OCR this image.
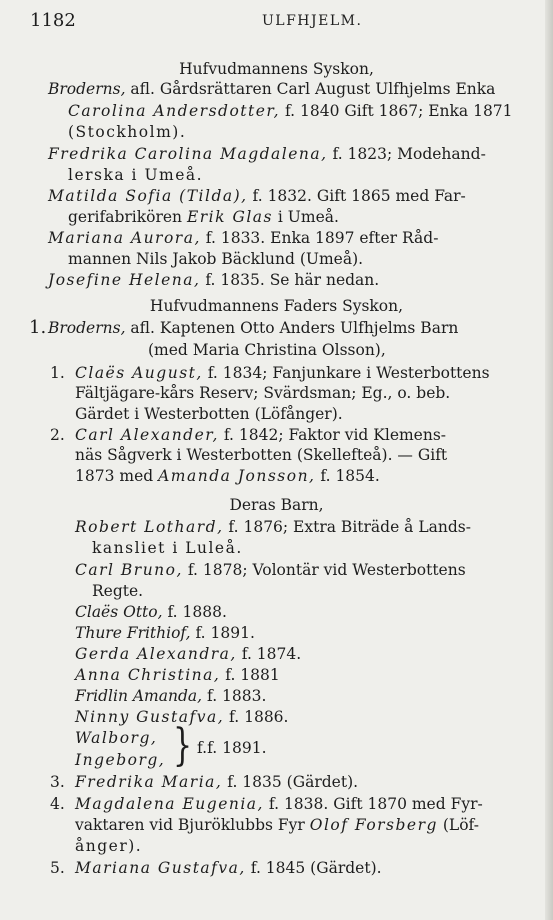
1182	ULFHJELM.
Hufvudmannens Syskon,
Broderns, afl. Gårdsrättaren Carl August Ulfhjelms Enka
Carolina Andersdotter, f. 1840 Gift 1867; Enka 1871
(Stockholm).
Fredrika Carolina Magdalena, f. 1823; Modehand-
lerska i Umeå.
Matilda Sofia (Tilda), f. 1832. Gift 1865 med Far-
gerifabrikören Erik Glas i Umeå.
Mariana Aurora, f. 1833. Enka 1897 efter Råd-
mannen Nils Jakob Bäcklund (Umeå).
Josefine Helena, f. 1835. Se här nedan.
Hufvudmannens Faders Syskon,
1. Broderns, afl. Kaptenen Otto Anders Ulfhjelms Barn
(med Maria Christina Olsson),
1. Claës August, f. 1834; Fanjunkare i Westerbottens
Fältjägare-kårs Reserv; Svärdsman; Eg., o. beb.
Gärdet i Westerbotten (Löfånger).
2. Carl Alexander, f. 1842; Faktor vid Klemens-
näs Sågverk i Westerbotten (Skellefteå). — Gift
1873 med Amanda Jonsson, f. 1854.
Deras Barn,
Robert Lothard, f. 1876; Extra Biträde å Lands-
kansliet i Luleå.
Carl Bruno, f. 1878; Volontär vid Westerbottens
Regte.
Claës Otto, f. 1888.
Thure Frithiof, f. 1891.
Gerda Alexandra, f. 1874.
Anna Christina, f. 1881
Fridlin Amanda, f. 1883.
Ninny Gustafva, f. 1886.
Walborg,
Ingeborg, } f.f. 1891.
3. Fredrika Maria, f. 1835 (Gärdet).
4. Magdalena Eugenia, f. 1838. Gift 1870 med Fyr-
vaktaren vid Bjuröklubbs Fyr Olof Forsberg (Löf-
ånger).
5. Mariana Gustafva, f. 1845 (Gärdet).
